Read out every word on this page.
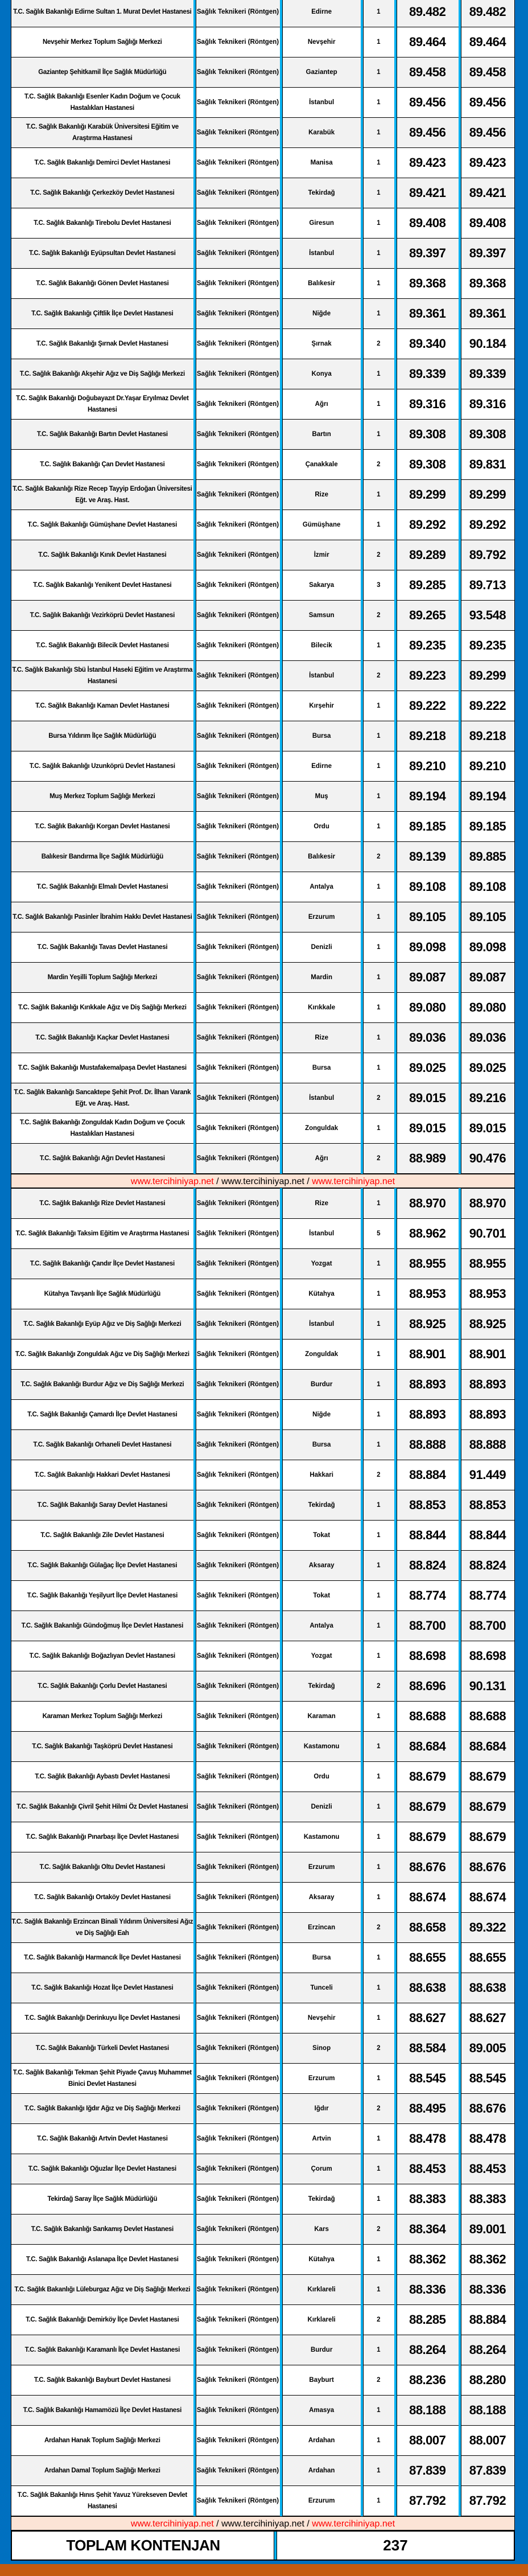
T.C. Sağlık Bakanlığı Edirne Sultan 1. Murat Devlet Hastanesi	Sağlık Teknikeri (Röntgen)	Edirne	1	89.482	89.482
Nevşehir Merkez Toplum Sağlığı Merkezi	Sağlık Teknikeri (Röntgen)	Nevşehir	1	89.464	89.464
Gaziantep Şehitkamil İlçe Sağlık Müdürlüğü	Sağlık Teknikeri (Röntgen)	Gaziantep	1	89.458	89.458
T.C. Sağlık Bakanlığı Esenler Kadın Doğum ve Çocuk Hastalıkları Hastanesi	Sağlık Teknikeri (Röntgen)	İstanbul	1	89.456	89.456
T.C. Sağlık Bakanlığı Karabük Üniversitesi Eğitim ve Araştırma Hastanesi	Sağlık Teknikeri (Röntgen)	Karabük	1	89.456	89.456
T.C. Sağlık Bakanlığı Demirci Devlet Hastanesi	Sağlık Teknikeri (Röntgen)	Manisa	1	89.423	89.423
T.C. Sağlık Bakanlığı Çerkezköy Devlet Hastanesi	Sağlık Teknikeri (Röntgen)	Tekirdağ	1	89.421	89.421
T.C. Sağlık Bakanlığı Tirebolu Devlet Hastanesi	Sağlık Teknikeri (Röntgen)	Giresun	1	89.408	89.408
T.C. Sağlık Bakanlığı Eyüpsultan Devlet Hastanesi	Sağlık Teknikeri (Röntgen)	İstanbul	1	89.397	89.397
T.C. Sağlık Bakanlığı Gönen Devlet Hastanesi	Sağlık Teknikeri (Röntgen)	Balıkesir	1	89.368	89.368
T.C. Sağlık Bakanlığı Çiftlik İlçe Devlet Hastanesi	Sağlık Teknikeri (Röntgen)	Niğde	1	89.361	89.361
T.C. Sağlık Bakanlığı Şırnak Devlet Hastanesi	Sağlık Teknikeri (Röntgen)	Şırnak	2	89.340	90.184
T.C. Sağlık Bakanlığı Akşehir Ağız ve Diş Sağlığı Merkezi	Sağlık Teknikeri (Röntgen)	Konya	1	89.339	89.339
T.C. Sağlık Bakanlığı Doğubayazıt Dr.Yaşar Eryılmaz Devlet Hastanesi	Sağlık Teknikeri (Röntgen)	Ağrı	1	89.316	89.316
T.C. Sağlık Bakanlığı Bartın Devlet Hastanesi	Sağlık Teknikeri (Röntgen)	Bartın	1	89.308	89.308
T.C. Sağlık Bakanlığı Çan Devlet Hastanesi	Sağlık Teknikeri (Röntgen)	Çanakkale	2	89.308	89.831
T.C. Sağlık Bakanlığı Rize Recep Tayyip Erdoğan Üniversitesi Eğt. ve Araş. Hast.	Sağlık Teknikeri (Röntgen)	Rize	1	89.299	89.299
T.C. Sağlık Bakanlığı Gümüşhane Devlet Hastanesi	Sağlık Teknikeri (Röntgen)	Gümüşhane	1	89.292	89.292
T.C. Sağlık Bakanlığı Kınık Devlet Hastanesi	Sağlık Teknikeri (Röntgen)	İzmir	2	89.289	89.792
T.C. Sağlık Bakanlığı Yenikent Devlet Hastanesi	Sağlık Teknikeri (Röntgen)	Sakarya	3	89.285	89.713
T.C. Sağlık Bakanlığı Vezirköprü Devlet Hastanesi	Sağlık Teknikeri (Röntgen)	Samsun	2	89.265	93.548
T.C. Sağlık Bakanlığı Bilecik Devlet Hastanesi	Sağlık Teknikeri (Röntgen)	Bilecik	1	89.235	89.235
T.C. Sağlık Bakanlığı Sbü İstanbul Haseki Eğitim ve Araştırma Hastanesi	Sağlık Teknikeri (Röntgen)	İstanbul	2	89.223	89.299
T.C. Sağlık Bakanlığı Kaman Devlet Hastanesi	Sağlık Teknikeri (Röntgen)	Kırşehir	1	89.222	89.222
Bursa Yıldırım İlçe Sağlık Müdürlüğü	Sağlık Teknikeri (Röntgen)	Bursa	1	89.218	89.218
T.C. Sağlık Bakanlığı Uzunköprü Devlet Hastanesi	Sağlık Teknikeri (Röntgen)	Edirne	1	89.210	89.210
Muş Merkez Toplum Sağlığı Merkezi	Sağlık Teknikeri (Röntgen)	Muş	1	89.194	89.194
T.C. Sağlık Bakanlığı Korgan Devlet Hastanesi	Sağlık Teknikeri (Röntgen)	Ordu	1	89.185	89.185
Balıkesir Bandırma İlçe Sağlık Müdürlüğü	Sağlık Teknikeri (Röntgen)	Balıkesir	2	89.139	89.885
T.C. Sağlık Bakanlığı Elmalı Devlet Hastanesi	Sağlık Teknikeri (Röntgen)	Antalya	1	89.108	89.108
T.C. Sağlık Bakanlığı Pasinler İbrahim Hakkı Devlet Hastanesi	Sağlık Teknikeri (Röntgen)	Erzurum	1	89.105	89.105
T.C. Sağlık Bakanlığı Tavas Devlet Hastanesi	Sağlık Teknikeri (Röntgen)	Denizli	1	89.098	89.098
Mardin Yeşilli Toplum Sağlığı Merkezi	Sağlık Teknikeri (Röntgen)	Mardin	1	89.087	89.087
T.C. Sağlık Bakanlığı Kırıkkale Ağız ve Diş Sağlığı Merkezi	Sağlık Teknikeri (Röntgen)	Kırıkkale	1	89.080	89.080
T.C. Sağlık Bakanlığı Kaçkar Devlet Hastanesi	Sağlık Teknikeri (Röntgen)	Rize	1	89.036	89.036
T.C. Sağlık Bakanlığı Mustafakemalpaşa Devlet Hastanesi	Sağlık Teknikeri (Röntgen)	Bursa	1	89.025	89.025
T.C. Sağlık Bakanlığı Sancaktepe Şehit Prof. Dr. İlhan Varank Eğt. ve Araş. Hast.	Sağlık Teknikeri (Röntgen)	İstanbul	2	89.015	89.216
T.C. Sağlık Bakanlığı Zonguldak Kadın Doğum ve Çocuk Hastalıkları Hastanesi	Sağlık Teknikeri (Röntgen)	Zonguldak	1	89.015	89.015
T.C. Sağlık Bakanlığı Ağrı Devlet Hastanesi	Sağlık Teknikeri (Röntgen)	Ağrı	2	88.989	90.476
www.tercihiniyap.net / www.tercihiniyap.net / www.tercihiniyap.net
T.C. Sağlık Bakanlığı Rize Devlet Hastanesi	Sağlık Teknikeri (Röntgen)	Rize	1	88.970	88.970
T.C. Sağlık Bakanlığı Taksim Eğitim ve Araştırma Hastanesi	Sağlık Teknikeri (Röntgen)	İstanbul	5	88.962	90.701
T.C. Sağlık Bakanlığı Çandır İlçe Devlet Hastanesi	Sağlık Teknikeri (Röntgen)	Yozgat	1	88.955	88.955
Kütahya Tavşanlı İlçe Sağlık Müdürlüğü	Sağlık Teknikeri (Röntgen)	Kütahya	1	88.953	88.953
T.C. Sağlık Bakanlığı Eyüp Ağız ve Diş Sağlığı Merkezi	Sağlık Teknikeri (Röntgen)	İstanbul	1	88.925	88.925
T.C. Sağlık Bakanlığı Zonguldak Ağız ve Diş Sağlığı Merkezi	Sağlık Teknikeri (Röntgen)	Zonguldak	1	88.901	88.901
T.C. Sağlık Bakanlığı Burdur Ağız ve Diş Sağlığı Merkezi	Sağlık Teknikeri (Röntgen)	Burdur	1	88.893	88.893
T.C. Sağlık Bakanlığı Çamardı İlçe Devlet Hastanesi	Sağlık Teknikeri (Röntgen)	Niğde	1	88.893	88.893
T.C. Sağlık Bakanlığı Orhaneli Devlet Hastanesi	Sağlık Teknikeri (Röntgen)	Bursa	1	88.888	88.888
T.C. Sağlık Bakanlığı Hakkari Devlet Hastanesi	Sağlık Teknikeri (Röntgen)	Hakkari	2	88.884	91.449
T.C. Sağlık Bakanlığı Saray Devlet Hastanesi	Sağlık Teknikeri (Röntgen)	Tekirdağ	1	88.853	88.853
T.C. Sağlık Bakanlığı Zile Devlet Hastanesi	Sağlık Teknikeri (Röntgen)	Tokat	1	88.844	88.844
T.C. Sağlık Bakanlığı Gülağaç İlçe Devlet Hastanesi	Sağlık Teknikeri (Röntgen)	Aksaray	1	88.824	88.824
T.C. Sağlık Bakanlığı Yeşilyurt İlçe Devlet Hastanesi	Sağlık Teknikeri (Röntgen)	Tokat	1	88.774	88.774
T.C. Sağlık Bakanlığı Gündoğmuş İlçe Devlet Hastanesi	Sağlık Teknikeri (Röntgen)	Antalya	1	88.700	88.700
T.C. Sağlık Bakanlığı Boğazlıyan Devlet Hastanesi	Sağlık Teknikeri (Röntgen)	Yozgat	1	88.698	88.698
T.C. Sağlık Bakanlığı Çorlu Devlet Hastanesi	Sağlık Teknikeri (Röntgen)	Tekirdağ	2	88.696	90.131
Karaman Merkez Toplum Sağlığı Merkezi	Sağlık Teknikeri (Röntgen)	Karaman	1	88.688	88.688
T.C. Sağlık Bakanlığı Taşköprü Devlet Hastanesi	Sağlık Teknikeri (Röntgen)	Kastamonu	1	88.684	88.684
T.C. Sağlık Bakanlığı Aybastı Devlet Hastanesi	Sağlık Teknikeri (Röntgen)	Ordu	1	88.679	88.679
T.C. Sağlık Bakanlığı Çivril Şehit Hilmi Öz Devlet Hastanesi	Sağlık Teknikeri (Röntgen)	Denizli	1	88.679	88.679
T.C. Sağlık Bakanlığı Pınarbaşı İlçe Devlet Hastanesi	Sağlık Teknikeri (Röntgen)	Kastamonu	1	88.679	88.679
T.C. Sağlık Bakanlığı Oltu Devlet Hastanesi	Sağlık Teknikeri (Röntgen)	Erzurum	1	88.676	88.676
T.C. Sağlık Bakanlığı Ortaköy Devlet Hastanesi	Sağlık Teknikeri (Röntgen)	Aksaray	1	88.674	88.674
T.C. Sağlık Bakanlığı Erzincan Binali Yıldırım Üniversitesi Ağız ve Diş Sağlığı Eah	Sağlık Teknikeri (Röntgen)	Erzincan	2	88.658	89.322
T.C. Sağlık Bakanlığı Harmancık İlçe Devlet Hastanesi	Sağlık Teknikeri (Röntgen)	Bursa	1	88.655	88.655
T.C. Sağlık Bakanlığı Hozat İlçe Devlet Hastanesi	Sağlık Teknikeri (Röntgen)	Tunceli	1	88.638	88.638
T.C. Sağlık Bakanlığı Derinkuyu İlçe Devlet Hastanesi	Sağlık Teknikeri (Röntgen)	Nevşehir	1	88.627	88.627
T.C. Sağlık Bakanlığı Türkeli Devlet Hastanesi	Sağlık Teknikeri (Röntgen)	Sinop	2	88.584	89.005
T.C. Sağlık Bakanlığı Tekman Şehit Piyade Çavuş Muhammet Binici Devlet Hastanesi	Sağlık Teknikeri (Röntgen)	Erzurum	1	88.545	88.545
T.C. Sağlık Bakanlığı Iğdır Ağız ve Diş Sağlığı Merkezi	Sağlık Teknikeri (Röntgen)	Iğdır	2	88.495	88.676
T.C. Sağlık Bakanlığı Artvin Devlet Hastanesi	Sağlık Teknikeri (Röntgen)	Artvin	1	88.478	88.478
T.C. Sağlık Bakanlığı Oğuzlar İlçe Devlet Hastanesi	Sağlık Teknikeri (Röntgen)	Çorum	1	88.453	88.453
Tekirdağ Saray İlçe Sağlık Müdürlüğü	Sağlık Teknikeri (Röntgen)	Tekirdağ	1	88.383	88.383
T.C. Sağlık Bakanlığı Sarıkamış Devlet Hastanesi	Sağlık Teknikeri (Röntgen)	Kars	2	88.364	89.001
T.C. Sağlık Bakanlığı Aslanapa İlçe Devlet Hastanesi	Sağlık Teknikeri (Röntgen)	Kütahya	1	88.362	88.362
T.C. Sağlık Bakanlığı Lüleburgaz Ağız ve Diş Sağlığı Merkezi	Sağlık Teknikeri (Röntgen)	Kırklareli	1	88.336	88.336
T.C. Sağlık Bakanlığı Demirköy İlçe Devlet Hastanesi	Sağlık Teknikeri (Röntgen)	Kırklareli	2	88.285	88.884
T.C. Sağlık Bakanlığı Karamanlı İlçe Devlet Hastanesi	Sağlık Teknikeri (Röntgen)	Burdur	1	88.264	88.264
T.C. Sağlık Bakanlığı Bayburt Devlet Hastanesi	Sağlık Teknikeri (Röntgen)	Bayburt	2	88.236	88.280
T.C. Sağlık Bakanlığı Hamamözü İlçe Devlet Hastanesi	Sağlık Teknikeri (Röntgen)	Amasya	1	88.188	88.188
Ardahan Hanak Toplum Sağlığı Merkezi	Sağlık Teknikeri (Röntgen)	Ardahan	1	88.007	88.007
Ardahan Damal Toplum Sağlığı Merkezi	Sağlık Teknikeri (Röntgen)	Ardahan	1	87.839	87.839
T.C. Sağlık Bakanlığı Hınıs Şehit Yavuz Yürekseven Devlet Hastanesi	Sağlık Teknikeri (Röntgen)	Erzurum	1	87.792	87.792
www.tercihiniyap.net / www.tercihiniyap.net / www.tercihiniyap.net
TOPLAM KONTENJAN	237
